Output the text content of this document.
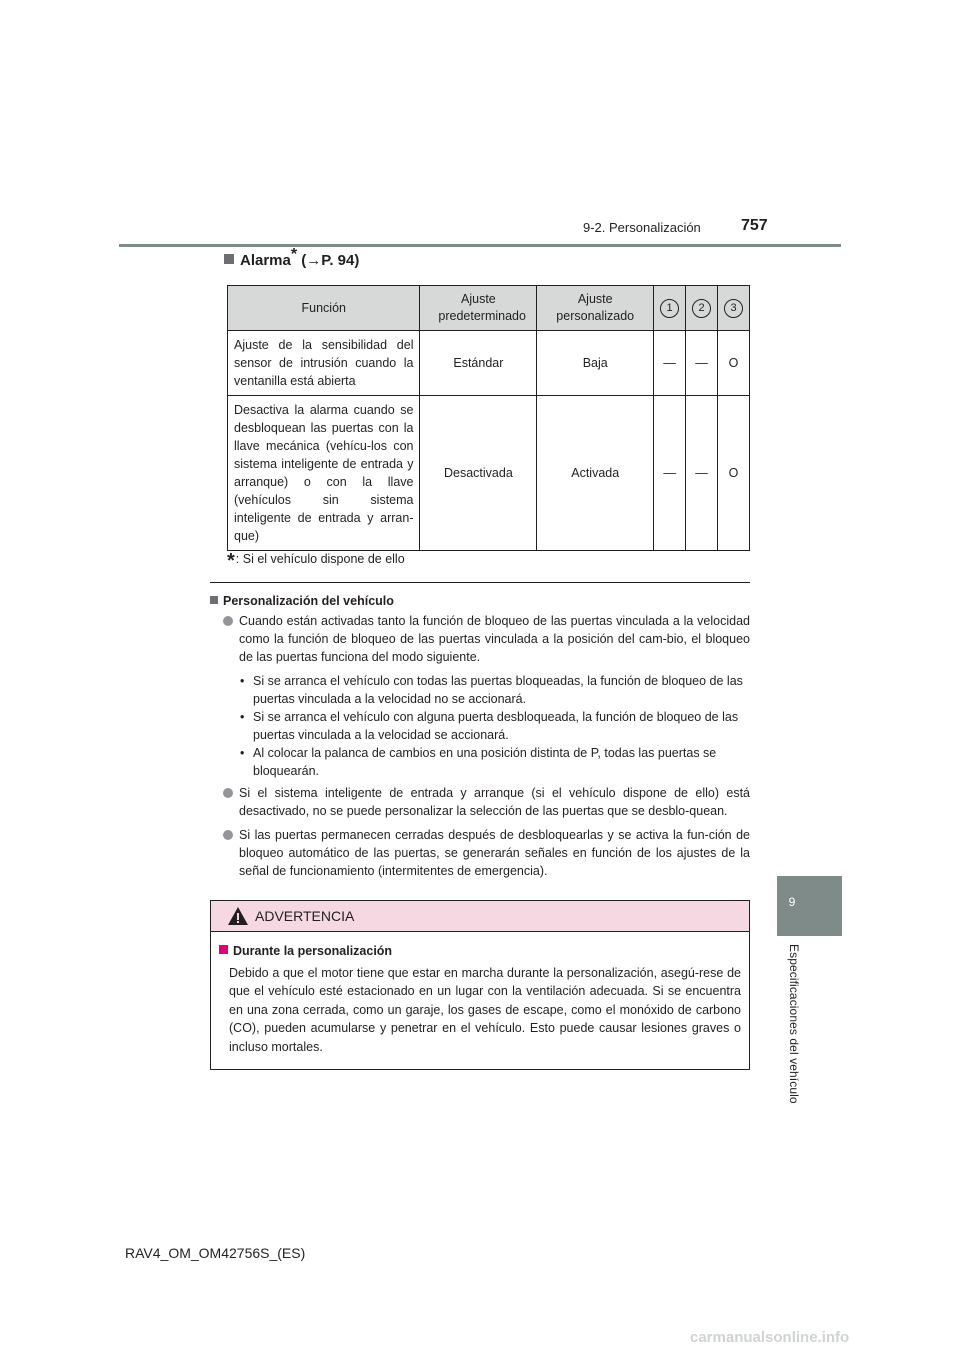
9-2. Personalización	757
9
Especificaciones del vehículo
Alarma* (→P. 94)
Función	Ajuste predeterminado	Ajuste personalizado	1	2	3
Ajuste de la sensibilidad del sensor de intrusión cuando la ventanilla está abierta	Estándar	Baja	—	—	O
Desactiva la alarma cuando se desbloquean las puertas con la llave mecánica (vehícu-los con sistema inteligente de entrada y arranque) o con la llave (vehículos sin sistema inteligente de entrada y arran-que)	Desactivada	Activada	—	—	O
*: Si el vehículo dispone de ello
Personalización del vehículo
Cuando están activadas tanto la función de bloqueo de las puertas vinculada a la velocidad como la función de bloqueo de las puertas vinculada a la posición del cam-bio, el bloqueo de las puertas funciona del modo siguiente.
• Si se arranca el vehículo con todas las puertas bloqueadas, la función de bloqueo de las puertas vinculada a la velocidad no se accionará.
• Si se arranca el vehículo con alguna puerta desbloqueada, la función de bloqueo de las puertas vinculada a la velocidad se accionará.
• Al colocar la palanca de cambios en una posición distinta de P, todas las puertas se bloquearán.
Si el sistema inteligente de entrada y arranque (si el vehículo dispone de ello) está desactivado, no se puede personalizar la selección de las puertas que se desblo-quean.
Si las puertas permanecen cerradas después de desbloquearlas y se activa la fun-ción de bloqueo automático de las puertas, se generarán señales en función de los ajustes de la señal de funcionamiento (intermitentes de emergencia).
ADVERTENCIA
Durante la personalización
Debido a que el motor tiene que estar en marcha durante la personalización, asegú-rese de que el vehículo esté estacionado en un lugar con la ventilación adecuada. Si se encuentra en una zona cerrada, como un garaje, los gases de escape, como el monóxido de carbono (CO), pueden acumularse y penetrar en el vehículo. Esto puede causar lesiones graves o incluso mortales.
RAV4_OM_OM42756S_(ES)
carmanualsonline.info
